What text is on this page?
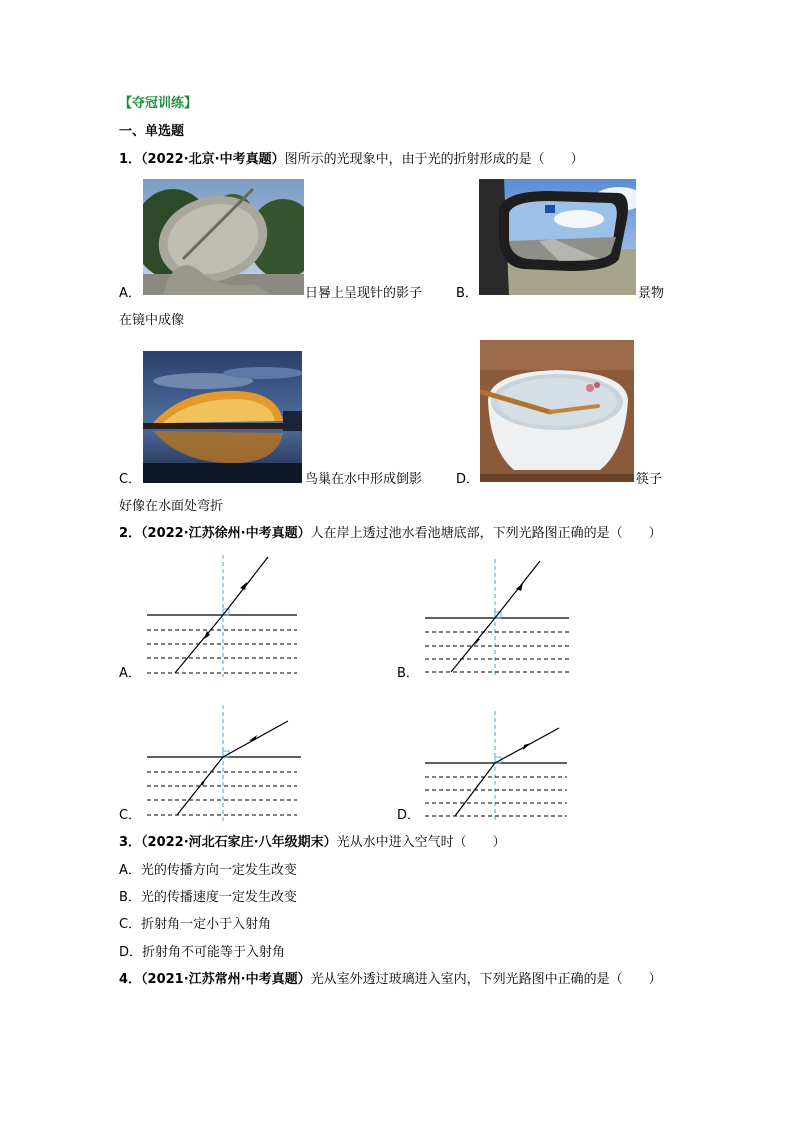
【夺冠训练】
一、单选题
1．（2022·北京·中考真题）图所示的光现象中，由于光的折射形成的是（　　）
A．	日晷上呈现针的影子	B．	景物
在镜中成像
C．	鸟巢在水中形成倒影	D．	筷子
好像在水面处弯折
2．（2022·江苏徐州·中考真题）人在岸上透过池水看池塘底部，下列光路图正确的是（　　）
A．	B．
C．	D．
3．（2022·河北石家庄·八年级期末）光从水中进入空气时（　　）
A．光的传播方向一定发生改变
B．光的传播速度一定发生改变
C．折射角一定小于入射角
D．折射角不可能等于入射角
4．（2021·江苏常州·中考真题）光从室外透过玻璃进入室内，下列光路图中正确的是（　　）
